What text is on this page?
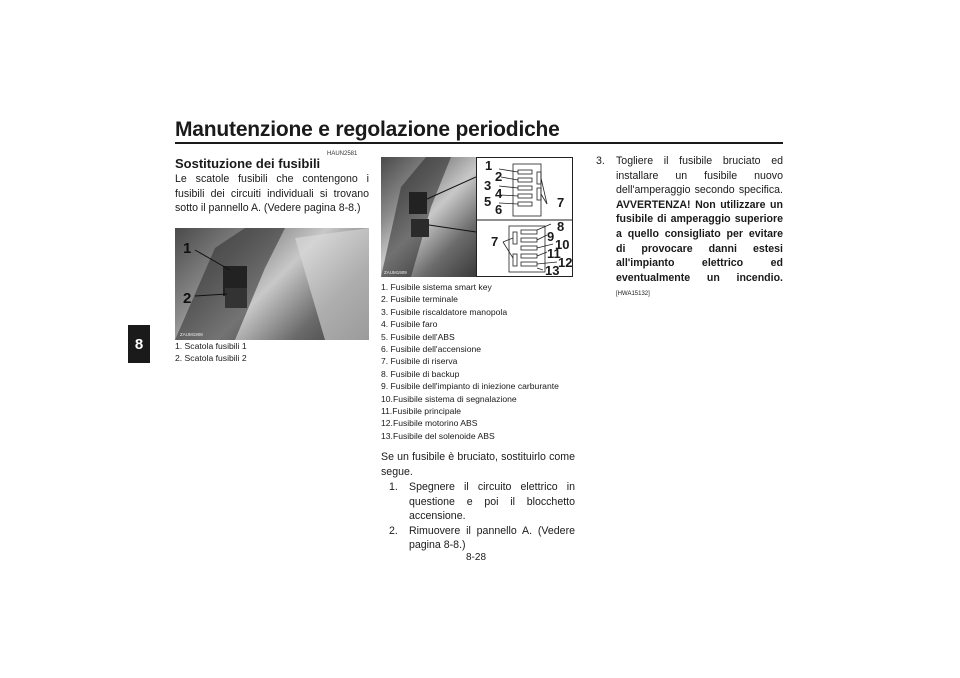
Manutenzione e regolazione periodiche
8
HAUN2581
Sostituzione dei fusibili
Le scatole fusibili che contengono i fusibili dei circuiti individuali si trovano sotto il pannello A. (Vedere pagina 8-8.)
1
2
ZAUM1908
1. Scatola fusibili 1
2. Scatola fusibili 2
ZAUM1909
1
2
3
4
5
6	7
7
8
9
10
11
12
13
1. Fusibile sistema smart key
2. Fusibile terminale
3. Fusibile riscaldatore manopola
4. Fusibile faro
5. Fusibile dell'ABS
6. Fusibile dell'accensione
7. Fusibile di riserva
8. Fusibile di backup
9. Fusibile dell'impianto di iniezione carburante
10.Fusibile sistema di segnalazione
11.Fusibile principale
12.Fusibile motorino ABS
13.Fusibile del solenoide ABS
Se un fusibile è bruciato, sostituirlo come segue.
1.	Spegnere il circuito elettrico in questione e poi il blocchetto accensione.
2.	Rimuovere il pannello A. (Vedere pagina 8-8.)
3.	Togliere il fusibile bruciato ed installare un fusibile nuovo dell'amperaggio secondo specifica. AVVERTENZA! Non utilizzare un fusibile di amperaggio superiore a quello consigliato per evitare di provocare danni estesi all'impianto elettrico ed eventualmente un incendio. [HWA15132]
8-28
